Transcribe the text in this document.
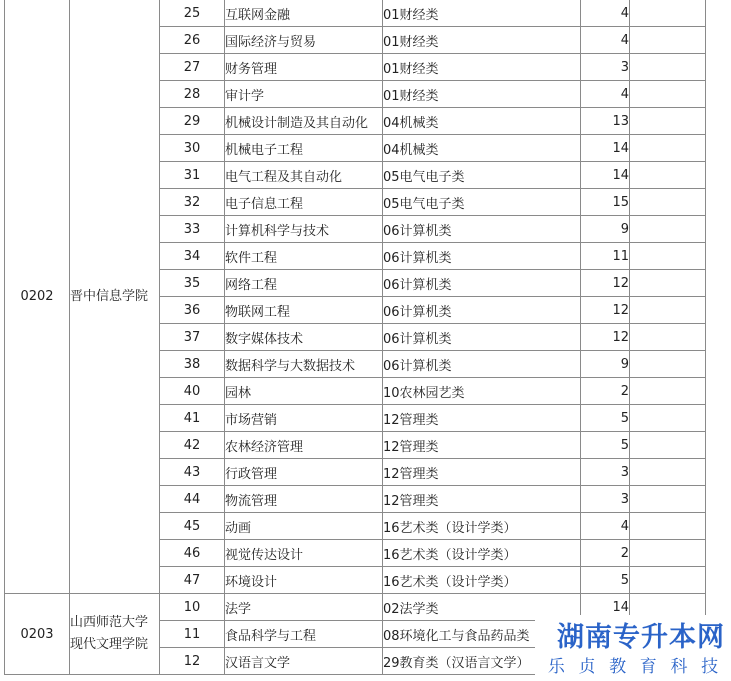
0202	晋中信息学院	25	互联网金融	01财经类	4	
		26	国际经济与贸易	01财经类	4	
		27	财务管理	01财经类	3	
		28	审计学	01财经类	4	
		29	机械设计制造及其自动化	04机械类	13	
		30	机械电子工程	04机械类	14	
		31	电气工程及其自动化	05电气电子类	14	
		32	电子信息工程	05电气电子类	15	
		33	计算机科学与技术	06计算机类	9	
		34	软件工程	06计算机类	11	
		35	网络工程	06计算机类	12	
		36	物联网工程	06计算机类	12	
		37	数字媒体技术	06计算机类	12	
		38	数据科学与大数据技术	06计算机类	9	
		40	园林	10农林园艺类	2	
		41	市场营销	12管理类	5	
		42	农林经济管理	12管理类	5	
		43	行政管理	12管理类	3	
		44	物流管理	12管理类	3	
		45	动画	16艺术类（设计学类）	4	
		46	视觉传达设计	16艺术类（设计学类）	2	
		47	环境设计	16艺术类（设计学类）	5	
0203	山西师范大学现代文理学院	10	法学	02法学类	14	
		11	食品科学与工程	08环境化工与食品药品类		
		12	汉语言文学	29教育类（汉语言文学）		
湖南专升本网
乐 贞 教 育 科 技
